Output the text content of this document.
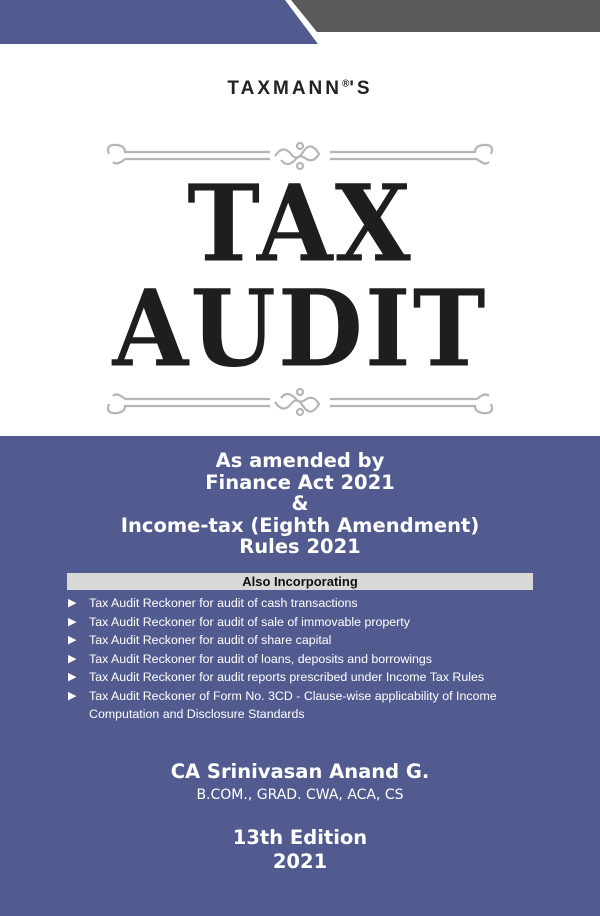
TAXMANN®'S
TAX
AUDIT
As amended by
Finance Act 2021
&
Income-tax (Eighth Amendment)
Rules 2021
Also Incorporating
▶ Tax Audit Reckoner for audit of cash transactions
▶ Tax Audit Reckoner for audit of sale of immovable property
▶ Tax Audit Reckoner for audit of share capital
▶ Tax Audit Reckoner for audit of loans, deposits and borrowings
▶ Tax Audit Reckoner for audit reports prescribed under Income Tax Rules
▶ Tax Audit Reckoner of Form No. 3CD - Clause-wise applicability of Income
Computation and Disclosure Standards
CA Srinivasan Anand G.
B.COM., GRAD. CWA, ACA, CS
13th Edition
2021
